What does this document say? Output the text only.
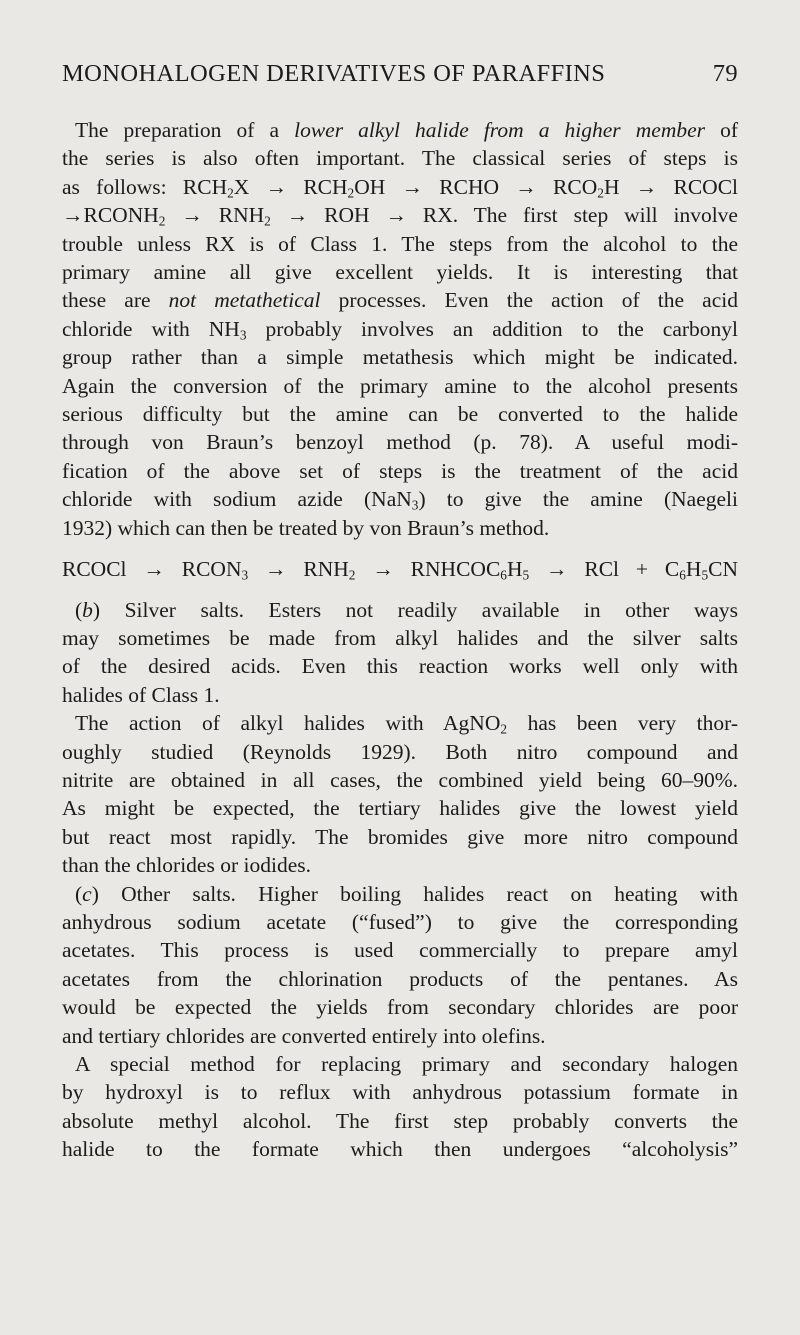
MONOHALOGEN DERIVATIVES OF PARAFFINS	79

The preparation of a lower alkyl halide from a higher member of

the series is also often important. The classical series of steps is

as follows: $RCH_2X \to RCH_2OH$ → RCHO → $RCO_2H$ → RCOCl

$\to RCONH_2 \to RNH_2$ → ROH → RX. The first step will involve

trouble unless RX is of Class 1. The steps from the alcohol to the

primary amine all give excellent yields. It is interesting that

these are not metathetical processes. Even the action of the acid

chloride with $NH_3$ probably involves an addition to the carbonyl

group rather than a simple metathesis which might be indicated.

Again the conversion of the primary amine to the alcohol presents

serious difficulty but the amine can be converted to the halide

through von Braun’s benzoyl method (p. 78). A useful modi-

fication of the above set of steps is the treatment of the acid

chloride with sodium azide (NaN$_3$) to give the amine (Naegeli

1932) which can then be treated by von Braun’s method.

RCOCl → $RCON_3 \to RNH_2$ → $RNHCOC_6H_5$ → RCl + $C_6H_5CN$

(b) Silver salts. Esters not readily available in other ways

may sometimes be made from alkyl halides and the silver salts

of the desired acids. Even this reaction works well only with

halides of Class 1.

The action of alkyl halides with AgNO$_2$ has been very thor-

oughly studied (Reynolds 1929). Both nitro compound and

nitrite are obtained in all cases, the combined yield being 60–90%.

As might be expected, the tertiary halides give the lowest yield

but react most rapidly. The bromides give more nitro compound

than the chlorides or iodides.

(c) Other salts. Higher boiling halides react on heating with

anhydrous sodium acetate (“fused”) to give the corresponding

acetates. This process is used commercially to prepare amyl

acetates from the chlorination products of the pentanes. As

would be expected the yields from secondary chlorides are poor

and tertiary chlorides are converted entirely into olefins.

A special method for replacing primary and secondary halogen

by hydroxyl is to reflux with anhydrous potassium formate in

absolute methyl alcohol. The first step probably converts the

halide to the formate which then undergoes “alcoholysis”
